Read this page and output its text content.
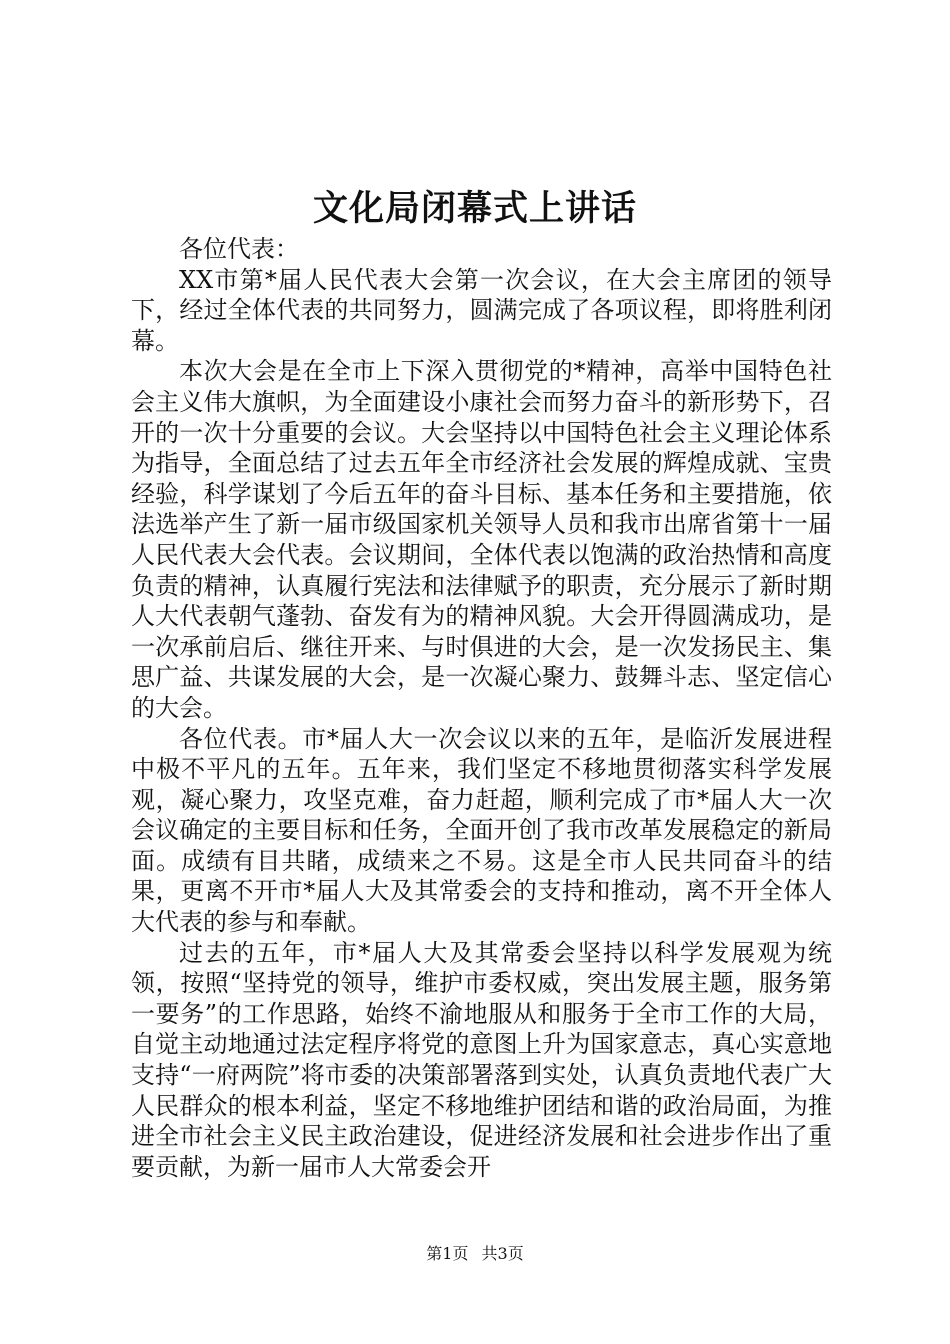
文化局闭幕式上讲话

各位代表：

XX市第*届人民代表大会第一次会议，在大会主席团的领导下，经过全体代表的共同努力，圆满完成了各项议程，即将胜利闭幕。

本次大会是在全市上下深入贯彻党的*精神，高举中国特色社会主义伟大旗帜，为全面建设小康社会而努力奋斗的新形势下，召开的一次十分重要的会议。大会坚持以中国特色社会主义理论体系为指导，全面总结了过去五年全市经济社会发展的辉煌成就、宝贵经验，科学谋划了今后五年的奋斗目标、基本任务和主要措施，依法选举产生了新一届市级国家机关领导人员和我市出席省第十一届人民代表大会代表。会议期间，全体代表以饱满的政治热情和高度负责的精神，认真履行宪法和法律赋予的职责，充分展示了新时期人大代表朝气蓬勃、奋发有为的精神风貌。大会开得圆满成功，是一次承前启后、继往开来、与时俱进的大会，是一次发扬民主、集思广益、共谋发展的大会，是一次凝心聚力、鼓舞斗志、坚定信心的大会。

各位代表。市*届人大一次会议以来的五年，是临沂发展进程中极不平凡的五年。五年来，我们坚定不移地贯彻落实科学发展观，凝心聚力，攻坚克难，奋力赶超，顺利完成了市*届人大一次会议确定的主要目标和任务，全面开创了我市改革发展稳定的新局面。成绩有目共睹，成绩来之不易。这是全市人民共同奋斗的结果，更离不开市*届人大及其常委会的支持和推动，离不开全体人大代表的参与和奉献。

过去的五年，市*届人大及其常委会坚持以科学发展观为统领，按照“坚持党的领导，维护市委权威，突出发展主题，服务第一要务”的工作思路，始终不渝地服从和服务于全市工作的大局，自觉主动地通过法定程序将党的意图上升为国家意志，真心实意地支持“一府两院”将市委的决策部署落到实处，认真负责地代表广大人民群众的根本利益，坚定不移地维护团结和谐的政治局面，为推进全市社会主义民主政治建设，促进经济发展和社会进步作出了重要贡献，为新一届市人大常委会开

第1页 共3页
